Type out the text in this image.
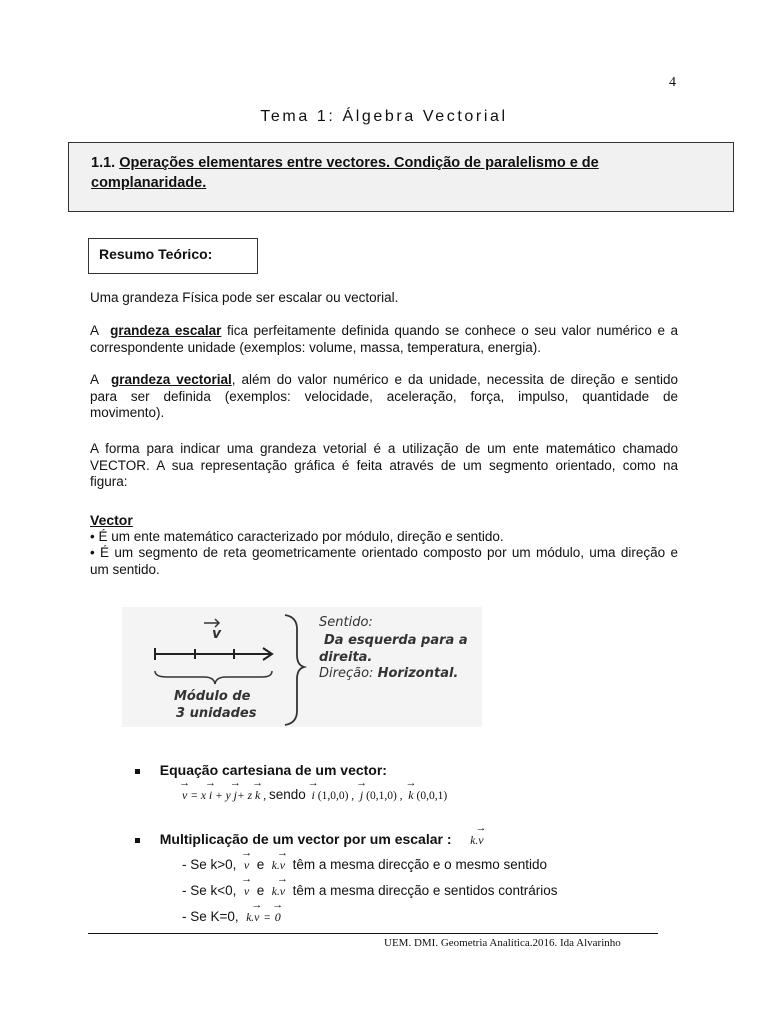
4
Tema 1: Álgebra Vectorial
1.1. Operações elementares entre vectores. Condição de paralelismo e de
complanaridade.
Resumo Teórico:
Uma grandeza Física pode ser escalar ou vectorial.
A grandeza escalar fica perfeitamente definida quando se conhece o seu valor numérico e a
correspondente unidade (exemplos: volume, massa, temperatura, energia).
A grandeza vectorial, além do valor numérico e da unidade, necessita de direção e sentido
para ser definida (exemplos: velocidade, aceleração, força, impulso, quantidade de
movimento).
A forma para indicar uma grandeza vetorial é a utilização de um ente matemático chamado
VECTOR. A sua representação gráfica é feita através de um segmento orientado, como na
figura:
Vector
• É um ente matemático caracterizado por módulo, direção e sentido.
• É um segmento de reta geometricamente orientado composto por um módulo, uma direção e
um sentido.
v
Módulo de
3 unidades
Sentido:
Da esquerda para a
direita.
Direção: Horizontal.
Equação cartesiana de um vector:
→ v = x → i + y → j+ z → k , sendo → i (1,0,0) , → j (0,1,0) , → k (0,0,1)
Multiplicação de um vector por um escalar : k.→ v
- Se k>0, → v e k.→ v têm a mesma direcção e o mesmo sentido
- Se k<0, → v e k.→ v têm a mesma direcção e sentidos contrários
- Se K=0, k.→ v = → 0
UEM. DMI. Geometria Analítica.2016. Ida Alvarinho
